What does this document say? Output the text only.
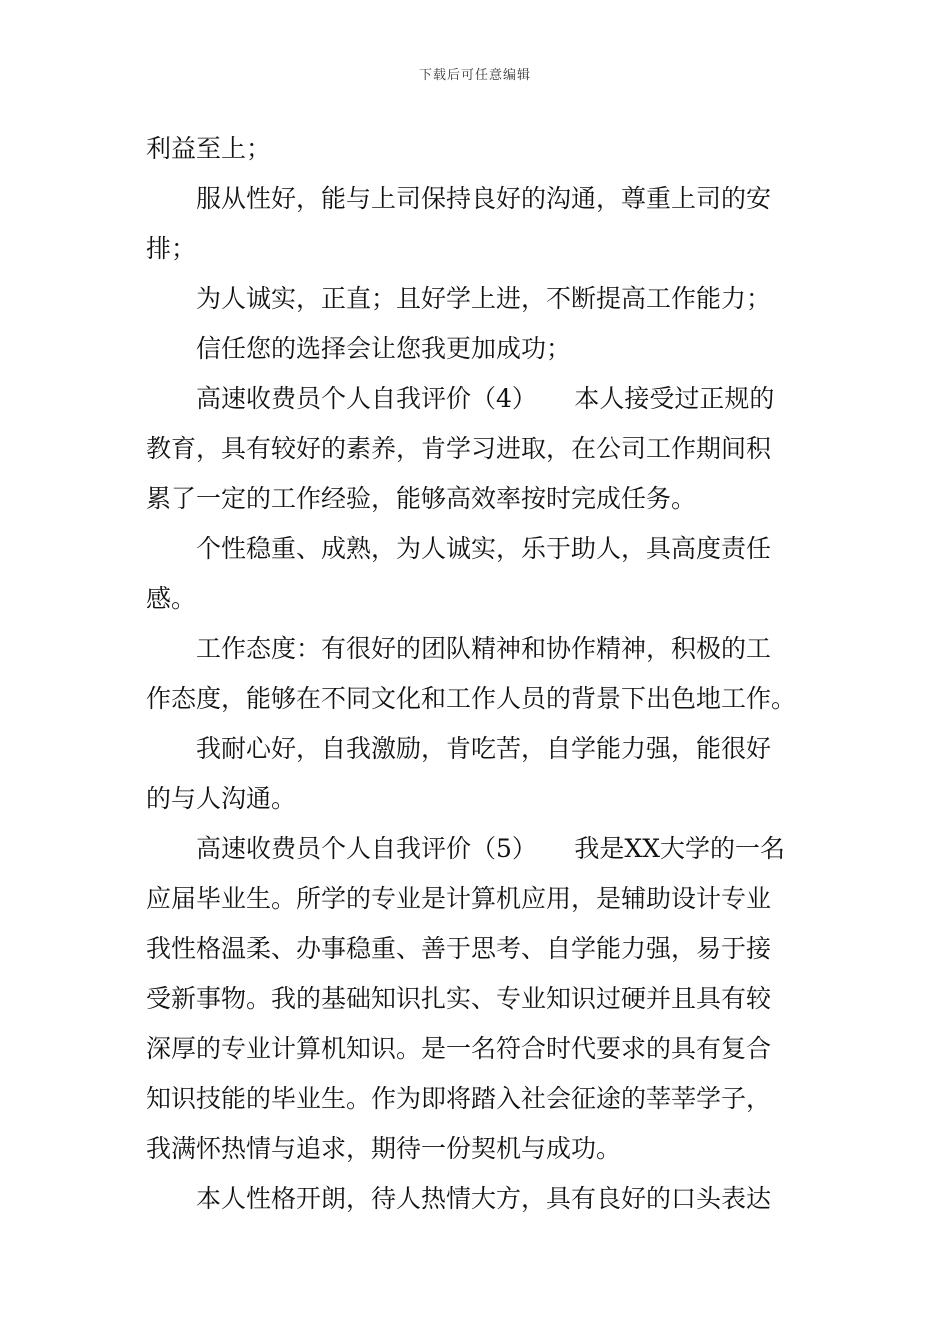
下载后可任意编辑

利益至上；

服从性好，能与上司保持良好的沟通，尊重上司的安

排；

为人诚实，正直；且好学上进，不断提高工作能力；

信任您的选择会让您我更加成功；

高速收费员个人自我评价（4）　　本人接受过正规的

教育，具有较好的素养，肯学习进取，在公司工作期间积

累了一定的工作经验，能够高效率按时完成任务。

个性稳重、成熟，为人诚实，乐于助人，具高度责任

感。

工作态度：有很好的团队精神和协作精神，积极的工

作态度，能够在不同文化和工作人员的背景下出色地工作。

我耐心好，自我激励，肯吃苦，自学能力强，能很好

的与人沟通。

高速收费员个人自我评价（5）　　我是XX大学的一名

应届毕业生。所学的专业是计算机应用，是辅助设计专业

我性格温柔、办事稳重、善于思考、自学能力强，易于接

受新事物。我的基础知识扎实、专业知识过硬并且具有较

深厚的专业计算机知识。是一名符合时代要求的具有复合

知识技能的毕业生。作为即将踏入社会征途的莘莘学子，

我满怀热情与追求，期待一份契机与成功。

本人性格开朗，待人热情大方，具有良好的口头表达
